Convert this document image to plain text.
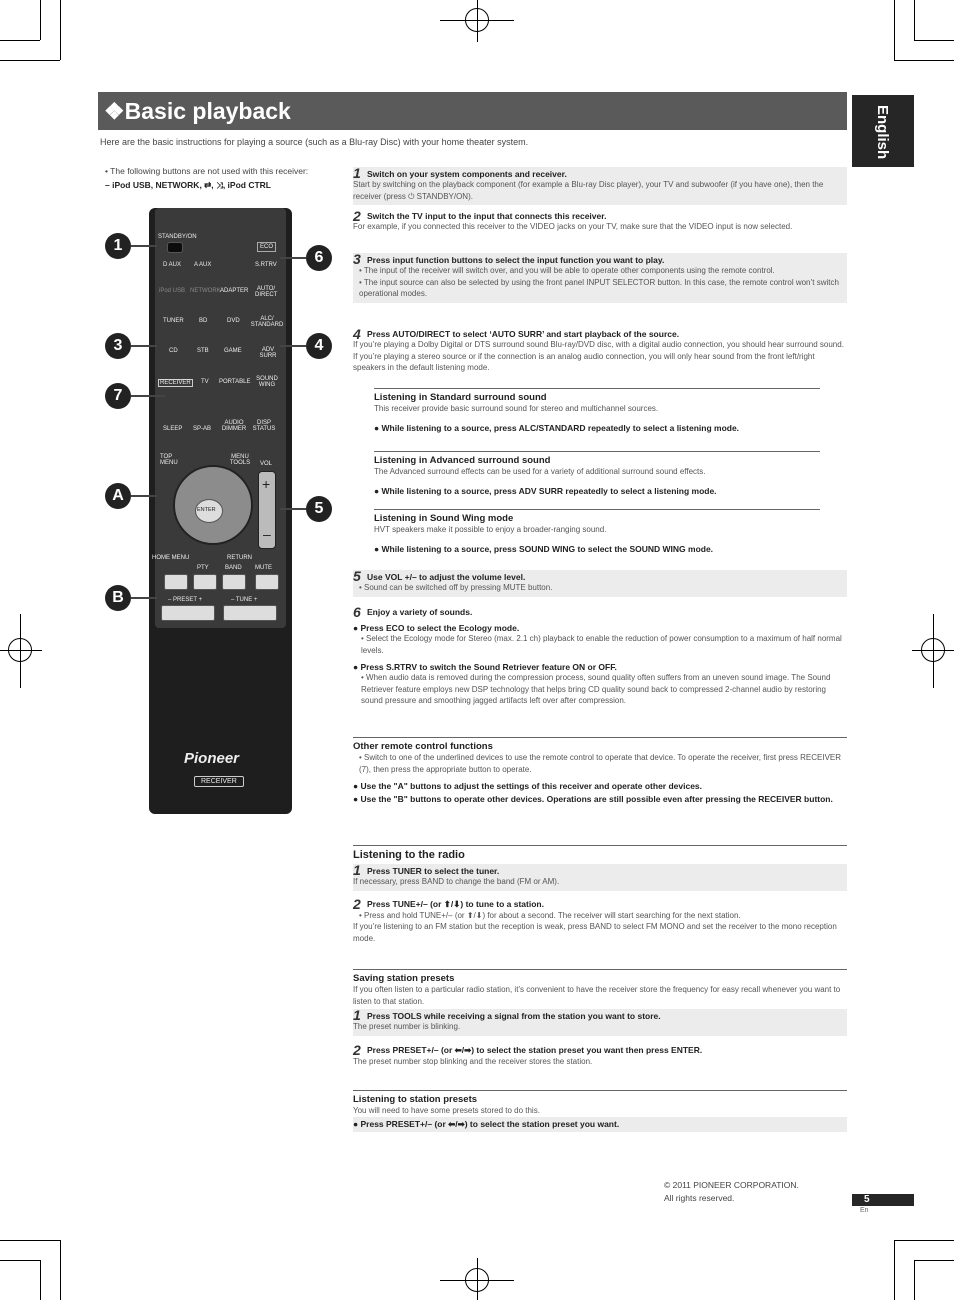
❖Basic playback	English
Here are the basic instructions for playing a source (such as a Blu-ray Disc) with your home theater system.
• The following buttons are not used with this receiver:
– iPod USB, NETWORK, ⇄, ⤨, iPod CTRL
STANDBY/ON
ECO
D AUX A AUX	S.RTRV
iPod USB NETWORK ADAPTER	AUTO/ DIRECT
TUNER	BD	DVD	ALC/ STANDARD
CD	STB	GAME	ADV SURR
RECEIVER	TV PORTABLE SOUND WING
SLEEP SP-AB
AUDIO DIMMER
DISP STATUS
TOP MENU
MENU TOOLS	VOL
ENTER
+
–
HOME MENU	RETURN
PTY	BAND MUTE
– PRESET +	– TUNE +
Pioneer
RECEIVER
1
3
7
A
B
6
4
5
1 Switch on your system components and receiver.
Start by switching on the playback component (for example a Blu-ray Disc player), your TV and subwoofer (if you have one), then the receiver (press ⏻ STANDBY/ON).
2 Switch the TV input to the input that connects this receiver.
For example, if you connected this receiver to the VIDEO jacks on your TV, make sure that the VIDEO input is now selected.
3 Press input function buttons to select the input function you want to play.
• The input of the receiver will switch over, and you will be able to operate other components using the remote control.
• The input source can also be selected by using the front panel INPUT SELECTOR button. In this case, the remote control won’t switch operational modes.
4 Press AUTO/DIRECT to select ‘AUTO SURR’ and start playback of the source.
If you’re playing a Dolby Digital or DTS surround sound Blu-ray/DVD disc, with a digital audio connection, you should hear surround sound. If you’re playing a stereo source or if the connection is an analog audio connection, you will only hear sound from the front left/right speakers in the default listening mode.
Listening in Standard surround sound
This receiver provide basic surround sound for stereo and multichannel sources.
● While listening to a source, press ALC/STANDARD repeatedly to select a listening mode.
Listening in Advanced surround sound
The Advanced surround effects can be used for a variety of additional surround sound effects.
● While listening to a source, press ADV SURR repeatedly to select a listening mode.
Listening in Sound Wing mode
HVT speakers make it possible to enjoy a broader-ranging sound.
● While listening to a source, press SOUND WING to select the SOUND WING mode.
5 Use VOL +/– to adjust the volume level.
• Sound can be switched off by pressing MUTE button.
6 Enjoy a variety of sounds.
● Press ECO to select the Ecology mode.
• Select the Ecology mode for Stereo (max. 2.1 ch) playback to enable the reduction of power consumption to a maximum of half normal levels.
● Press S.RTRV to switch the Sound Retriever feature ON or OFF.
• When audio data is removed during the compression process, sound quality often suffers from an uneven sound image. The Sound Retriever feature employs new DSP technology that helps bring CD quality sound back to compressed 2-channel audio by restoring sound pressure and smoothing jagged artifacts left over after compression.
Other remote control functions
• Switch to one of the underlined devices to use the remote control to operate that device. To operate the receiver, first press RECEIVER (7), then press the appropriate button to operate.
● Use the "A" buttons to adjust the settings of this receiver and operate other devices.
● Use the "B" buttons to operate other devices. Operations are still possible even after pressing the RECEIVER button.
Listening to the radio
1 Press TUNER to select the tuner.
If necessary, press BAND to change the band (FM or AM).
2 Press TUNE+/– (or ⬆/⬇) to tune to a station.
• Press and hold TUNE+/– (or ⬆/⬇) for about a second. The receiver will start searching for the next station.
If you’re listening to an FM station but the reception is weak, press BAND to select FM MONO and set the receiver to the mono reception mode.
Saving station presets
If you often listen to a particular radio station, it’s convenient to have the receiver store the frequency for easy recall whenever you want to listen to that station.
1 Press TOOLS while receiving a signal from the station you want to store.
The preset number is blinking.
2 Press PRESET+/– (or ⬅/➡) to select the station preset you want then press ENTER.
The preset number stop blinking and the receiver stores the station.
Listening to station presets
You will need to have some presets stored to do this.
● Press PRESET+/– (or ⬅/➡) to select the station preset you want.
© 2011 PIONEER CORPORATION.
All rights reserved.	5
En
